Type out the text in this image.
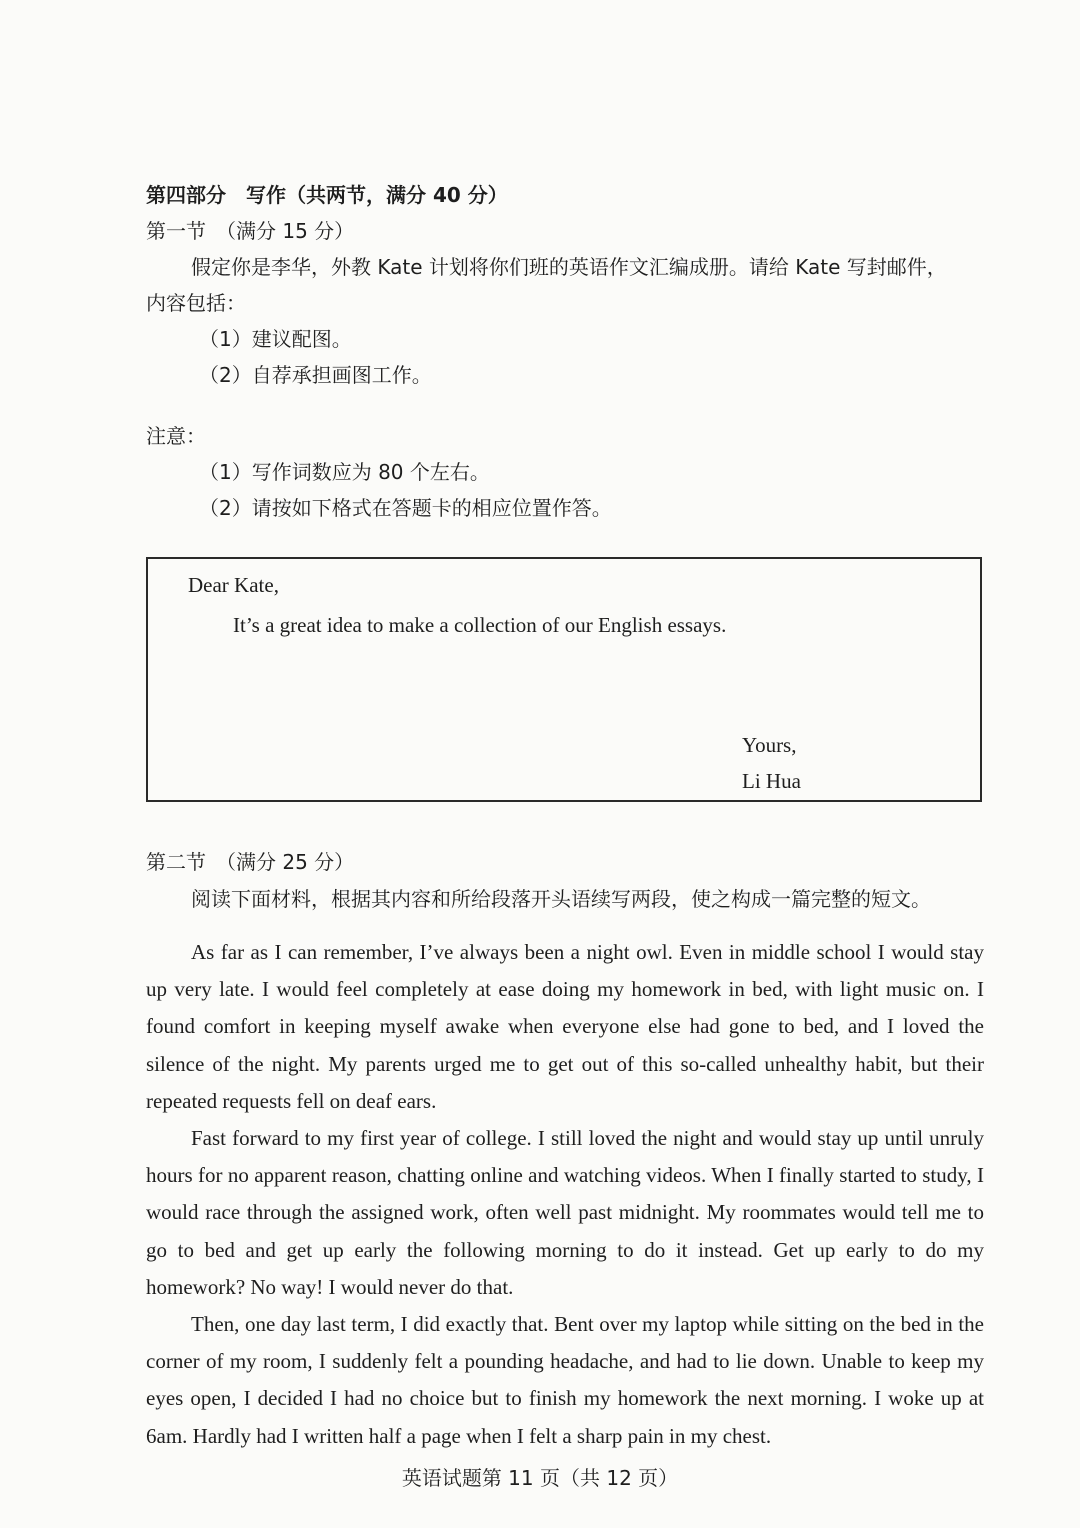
第四部分　写作（共两节，满分 40 分）
第一节　（满分 15 分）
假定你是李华，外教 Kate 计划将你们班的英语作文汇编成册。请给 Kate 写封邮件，
内容包括：
（1）建议配图。
（2）自荐承担画图工作。
注意：
（1）写作词数应为 80 个左右。
（2）请按如下格式在答题卡的相应位置作答。
Dear Kate,
It’s a great idea to make a collection of our English essays.
Yours,
Li Hua
第二节　（满分 25 分）
阅读下面材料，根据其内容和所给段落开头语续写两段，使之构成一篇完整的短文。

As far as I can remember, I’ve always been a night owl. Even in middle school I would stay up very late. I would feel completely at ease doing my homework in bed, with light music on. I found comfort in keeping myself awake when everyone else had gone to bed, and I loved the silence of the night. My parents urged me to get out of this so-called unhealthy habit, but their repeated requests fell on deaf ears.

Fast forward to my first year of college. I still loved the night and would stay up until unruly hours for no apparent reason, chatting online and watching videos. When I finally started to study, I would race through the assigned work, often well past midnight. My roommates would tell me to go to bed and get up early the following morning to do it instead. Get up early to do my homework? No way! I would never do that.

Then, one day last term, I did exactly that. Bent over my laptop while sitting on the bed in the corner of my room, I suddenly felt a pounding headache, and had to lie down. Unable to keep my eyes open, I decided I had no choice but to finish my homework the next morning. I woke up at 6am. Hardly had I written half a page when I felt a sharp pain in my chest.

英语试题第 11 页（共 12 页）
